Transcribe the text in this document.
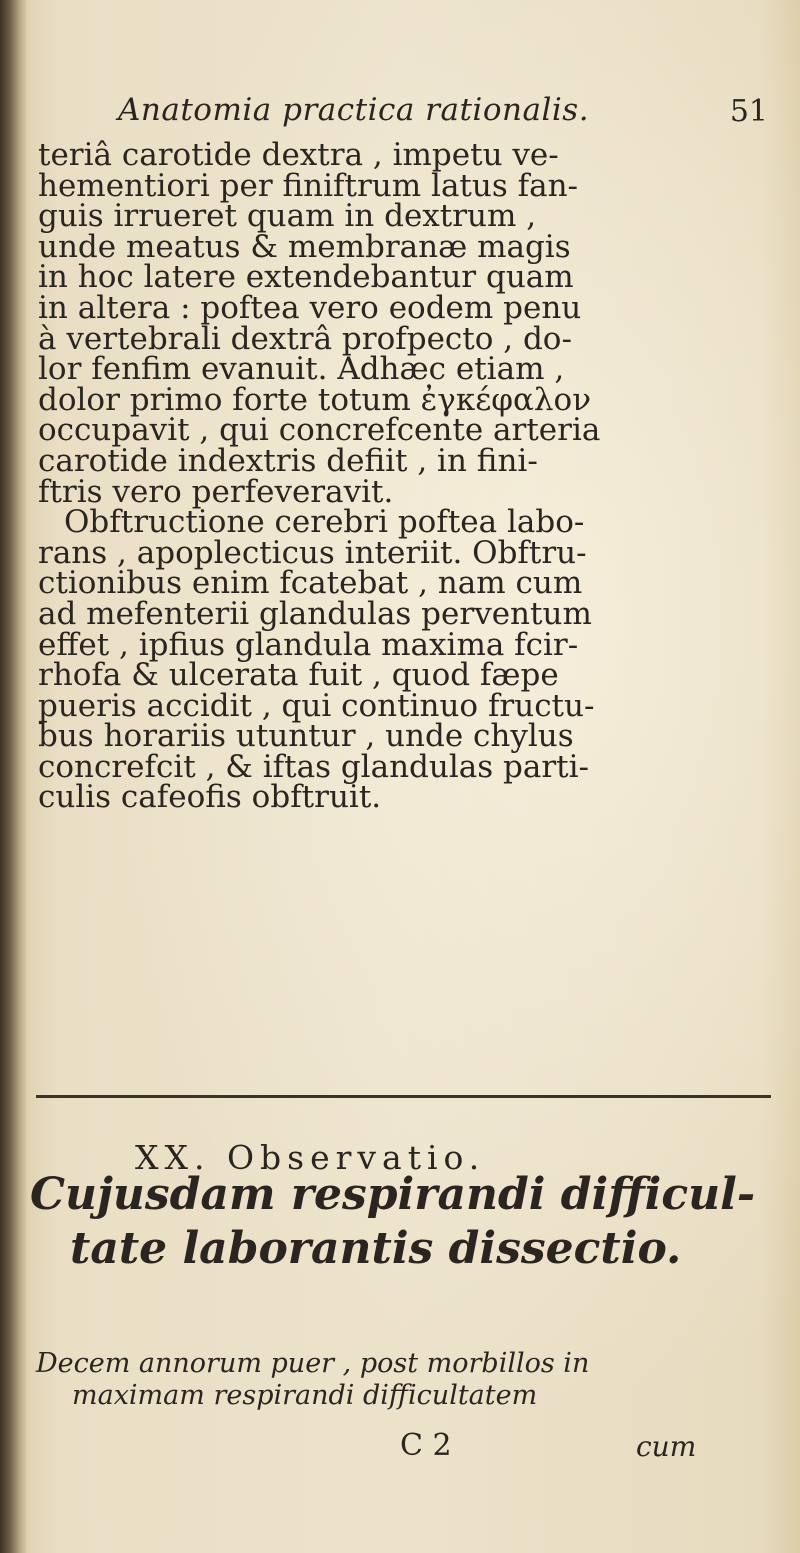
Anatomia practica rationalis.	51
teriâ carotide dextra , impetu ve-
hementiori per finiftrum latus fan-
guis irrueret quam in dextrum ,
unde meatus & membranæ magis
in hoc latere extendebantur quam
in altera : poftea vero eodem penu
à vertebrali dextrâ profpecto , do-
lor fenfim evanuit. Adhæc etiam ,
dolor primo forte totum ἐγκέφαλον
occupavit , qui concrefcente arteria
carotide indextris defiit , in fini-
ftris vero perfeveravit.
Obftructione cerebri poftea labo-
rans , apoplecticus interiit. Obftru-
ctionibus enim fcatebat , nam cum
ad mefenterii glandulas perventum
effet , ipfius glandula maxima fcir-
rhofa & ulcerata fuit , quod fæpe
pueris accidit , qui continuo fructu-
bus horariis utuntur , unde chylus
concrefcit , & iftas glandulas parti-
culis cafeofis obftruit.
XX. Observatio.
Cujusdam respirandi difficul-
tate laborantis dissectio.
Decem annorum puer , post morbillos in
maximam respirandi difficultatem
C 2	cum
